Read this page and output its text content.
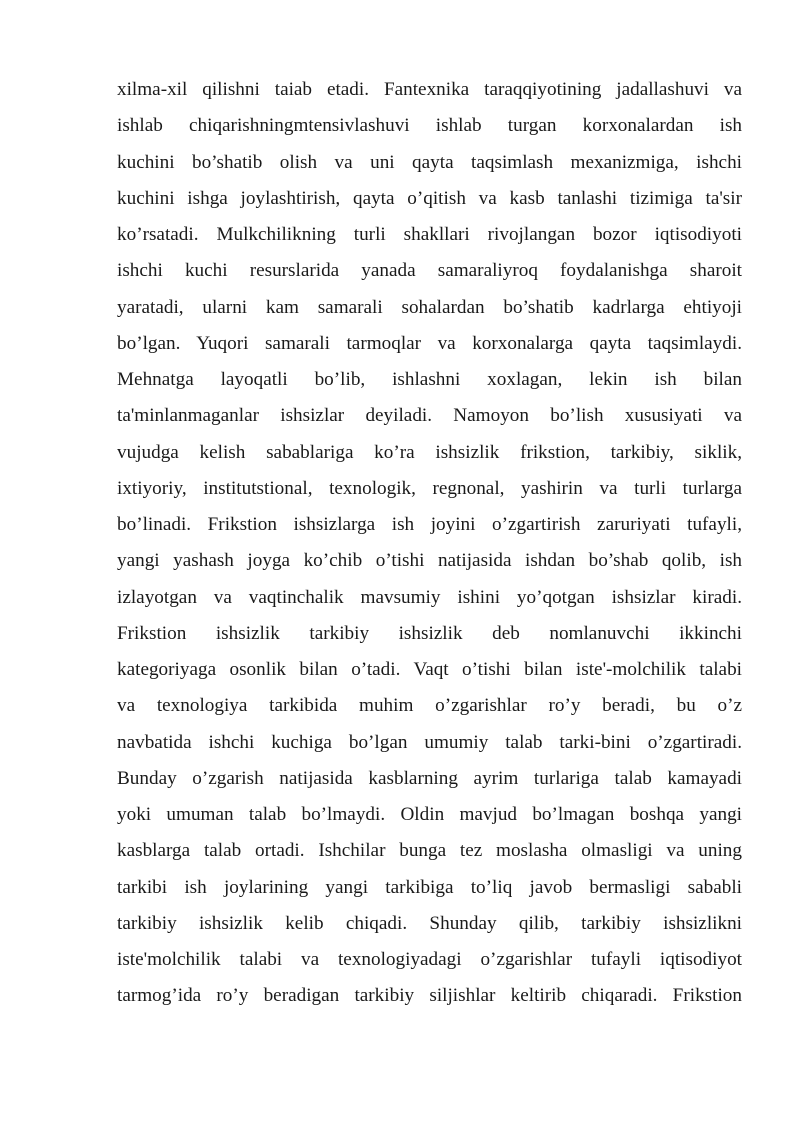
xilma-xil qilishni taiab etadi. Fantexnika taraqqiyotining jadallashuvi va
ishlab chiqarishningmtensivlashuvi ishlab turgan korxonalardan ish
kuchini bo’shatib olish va uni qayta taqsimlash mexanizmiga, ishchi
kuchini ishga joylashtirish, qayta o’qitish va kasb tanlashi tizimiga ta'sir
ko’rsatadi. Mulkchilikning turli shakllari rivojlangan bozor iqtisodiyoti
ishchi kuchi resurslarida yanada samaraliyroq foydalanishga sharoit
yaratadi, ularni kam samarali sohalardan bo’shatib kadrlarga ehtiyoji
bo’lgan. Yuqori samarali tarmoqlar va korxonalarga qayta taqsimlaydi.
Mehnatga layoqatli bo’lib, ishlashni xoxlagan, lekin ish bilan
ta'minlanmaganlar ishsizlar deyiladi. Namoyon bo’lish xususiyati va
vujudga kelish sabablariga ko’ra ishsizlik frikstion, tarkibiy, siklik,
ixtiyoriy, institutstional, texnologik, regnonal, yashirin va turli turlarga
bo’linadi. Frikstion ishsizlarga ish joyini o’zgartirish zaruriyati tufayli,
yangi yashash joyga ko’chib o’tishi natijasida ishdan bo’shab qolib, ish
izlayotgan va vaqtinchalik mavsumiy ishini yo’qotgan ishsizlar kiradi.
Frikstion ishsizlik tarkibiy ishsizlik deb nomlanuvchi ikkinchi
kategoriyaga osonlik bilan o’tadi. Vaqt o’tishi bilan iste'-molchilik talabi
va texnologiya tarkibida muhim o’zgarishlar ro’y beradi, bu o’z
navbatida ishchi kuchiga bo’lgan umumiy talab tarki-bini o’zgartiradi.
Bunday o’zgarish natijasida kasblarning ayrim turlariga talab kamayadi
yoki umuman talab bo’lmaydi. Oldin mavjud bo’lmagan boshqa yangi
kasblarga talab ortadi. Ishchilar bunga tez moslasha olmasligi va uning
tarkibi ish joylarining yangi tarkibiga to’liq javob bermasligi sababli
tarkibiy ishsizlik kelib chiqadi. Shunday qilib, tarkibiy ishsizlikni
iste'molchilik talabi va texnologiyadagi o’zgarishlar tufayli iqtisodiyot
tarmog’ida ro’y beradigan tarkibiy siljishlar keltirib chiqaradi. Frikstion
